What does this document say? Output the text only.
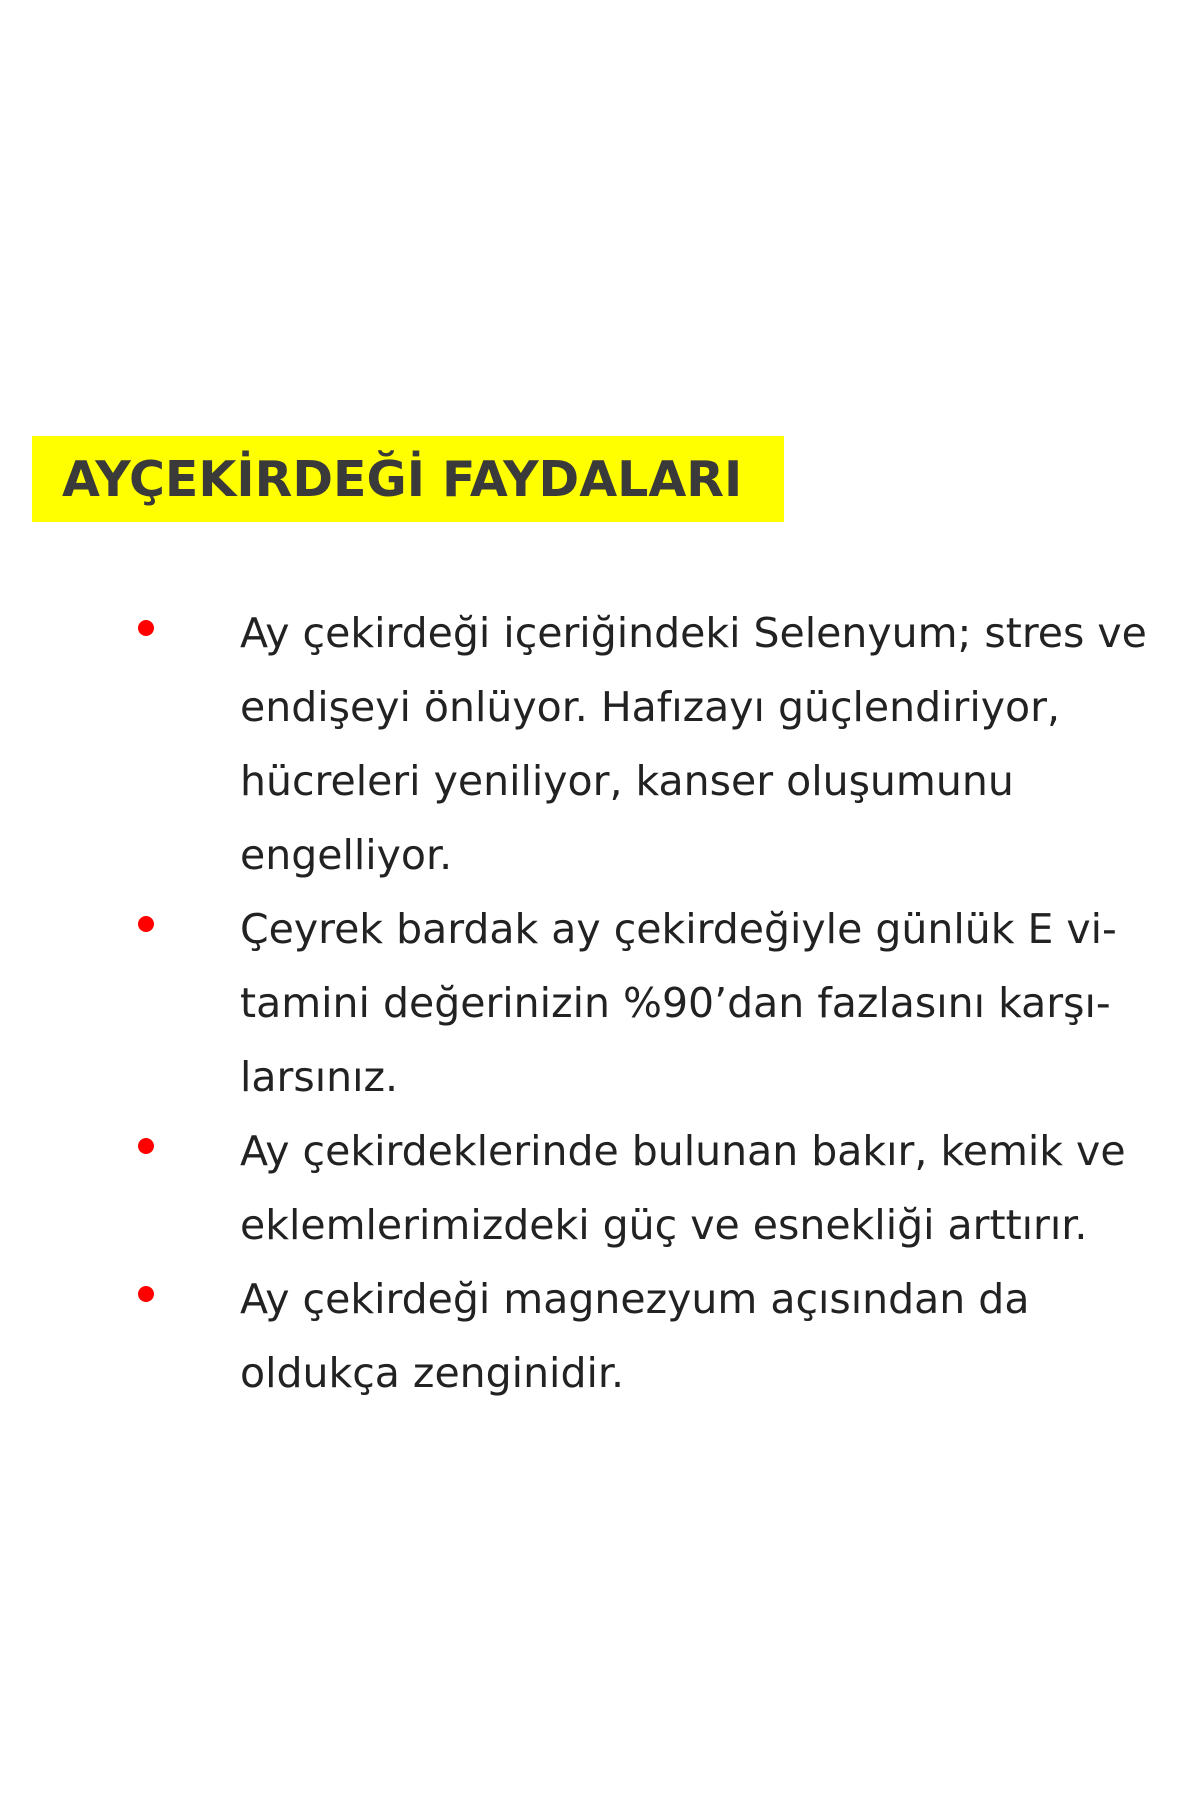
AYÇEKİRDEĞİ FAYDALARI
Ay çekirdeği içeriğindeki Selenyum; stres ve
endişeyi önlüyor. Hafızayı güçlendiriyor,
hücreleri yeniliyor, kanser oluşumunu
engelliyor.
Çeyrek bardak ay çekirdeğiyle günlük E vi-
tamini değerinizin %90’dan fazlasını karşı-
larsınız.
Ay çekirdeklerinde bulunan bakır, kemik ve
eklemlerimizdeki güç ve esnekliği arttırır.
Ay çekirdeği magnezyum açısından da
oldukça zenginidir.
